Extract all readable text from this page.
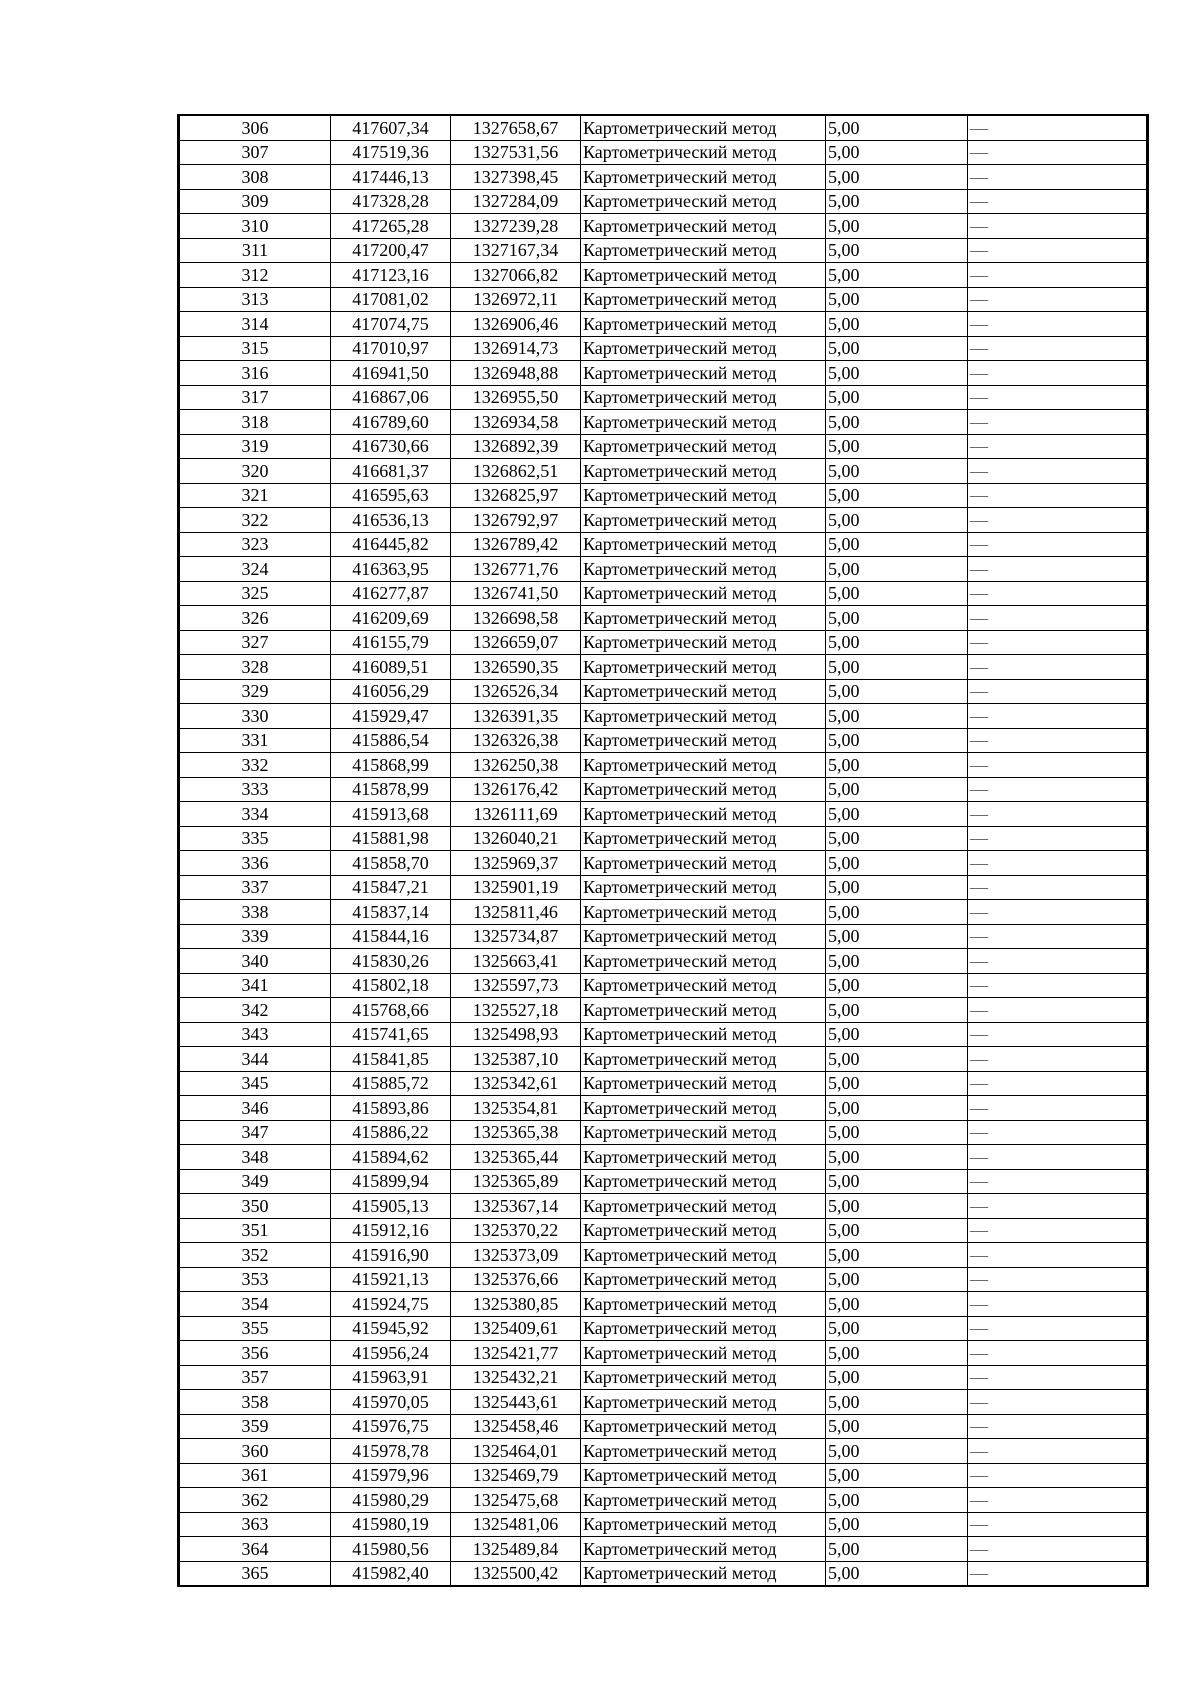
306	417607,34	1327658,67	Картометрический метод	5,00	—
307	417519,36	1327531,56	Картометрический метод	5,00	—
308	417446,13	1327398,45	Картометрический метод	5,00	—
309	417328,28	1327284,09	Картометрический метод	5,00	—
310	417265,28	1327239,28	Картометрический метод	5,00	—
311	417200,47	1327167,34	Картометрический метод	5,00	—
312	417123,16	1327066,82	Картометрический метод	5,00	—
313	417081,02	1326972,11	Картометрический метод	5,00	—
314	417074,75	1326906,46	Картометрический метод	5,00	—
315	417010,97	1326914,73	Картометрический метод	5,00	—
316	416941,50	1326948,88	Картометрический метод	5,00	—
317	416867,06	1326955,50	Картометрический метод	5,00	—
318	416789,60	1326934,58	Картометрический метод	5,00	—
319	416730,66	1326892,39	Картометрический метод	5,00	—
320	416681,37	1326862,51	Картометрический метод	5,00	—
321	416595,63	1326825,97	Картометрический метод	5,00	—
322	416536,13	1326792,97	Картометрический метод	5,00	—
323	416445,82	1326789,42	Картометрический метод	5,00	—
324	416363,95	1326771,76	Картометрический метод	5,00	—
325	416277,87	1326741,50	Картометрический метод	5,00	—
326	416209,69	1326698,58	Картометрический метод	5,00	—
327	416155,79	1326659,07	Картометрический метод	5,00	—
328	416089,51	1326590,35	Картометрический метод	5,00	—
329	416056,29	1326526,34	Картометрический метод	5,00	—
330	415929,47	1326391,35	Картометрический метод	5,00	—
331	415886,54	1326326,38	Картометрический метод	5,00	—
332	415868,99	1326250,38	Картометрический метод	5,00	—
333	415878,99	1326176,42	Картометрический метод	5,00	—
334	415913,68	1326111,69	Картометрический метод	5,00	—
335	415881,98	1326040,21	Картометрический метод	5,00	—
336	415858,70	1325969,37	Картометрический метод	5,00	—
337	415847,21	1325901,19	Картометрический метод	5,00	—
338	415837,14	1325811,46	Картометрический метод	5,00	—
339	415844,16	1325734,87	Картометрический метод	5,00	—
340	415830,26	1325663,41	Картометрический метод	5,00	—
341	415802,18	1325597,73	Картометрический метод	5,00	—
342	415768,66	1325527,18	Картометрический метод	5,00	—
343	415741,65	1325498,93	Картометрический метод	5,00	—
344	415841,85	1325387,10	Картометрический метод	5,00	—
345	415885,72	1325342,61	Картометрический метод	5,00	—
346	415893,86	1325354,81	Картометрический метод	5,00	—
347	415886,22	1325365,38	Картометрический метод	5,00	—
348	415894,62	1325365,44	Картометрический метод	5,00	—
349	415899,94	1325365,89	Картометрический метод	5,00	—
350	415905,13	1325367,14	Картометрический метод	5,00	—
351	415912,16	1325370,22	Картометрический метод	5,00	—
352	415916,90	1325373,09	Картометрический метод	5,00	—
353	415921,13	1325376,66	Картометрический метод	5,00	—
354	415924,75	1325380,85	Картометрический метод	5,00	—
355	415945,92	1325409,61	Картометрический метод	5,00	—
356	415956,24	1325421,77	Картометрический метод	5,00	—
357	415963,91	1325432,21	Картометрический метод	5,00	—
358	415970,05	1325443,61	Картометрический метод	5,00	—
359	415976,75	1325458,46	Картометрический метод	5,00	—
360	415978,78	1325464,01	Картометрический метод	5,00	—
361	415979,96	1325469,79	Картометрический метод	5,00	—
362	415980,29	1325475,68	Картометрический метод	5,00	—
363	415980,19	1325481,06	Картометрический метод	5,00	—
364	415980,56	1325489,84	Картометрический метод	5,00	—
365	415982,40	1325500,42	Картометрический метод	5,00	—
